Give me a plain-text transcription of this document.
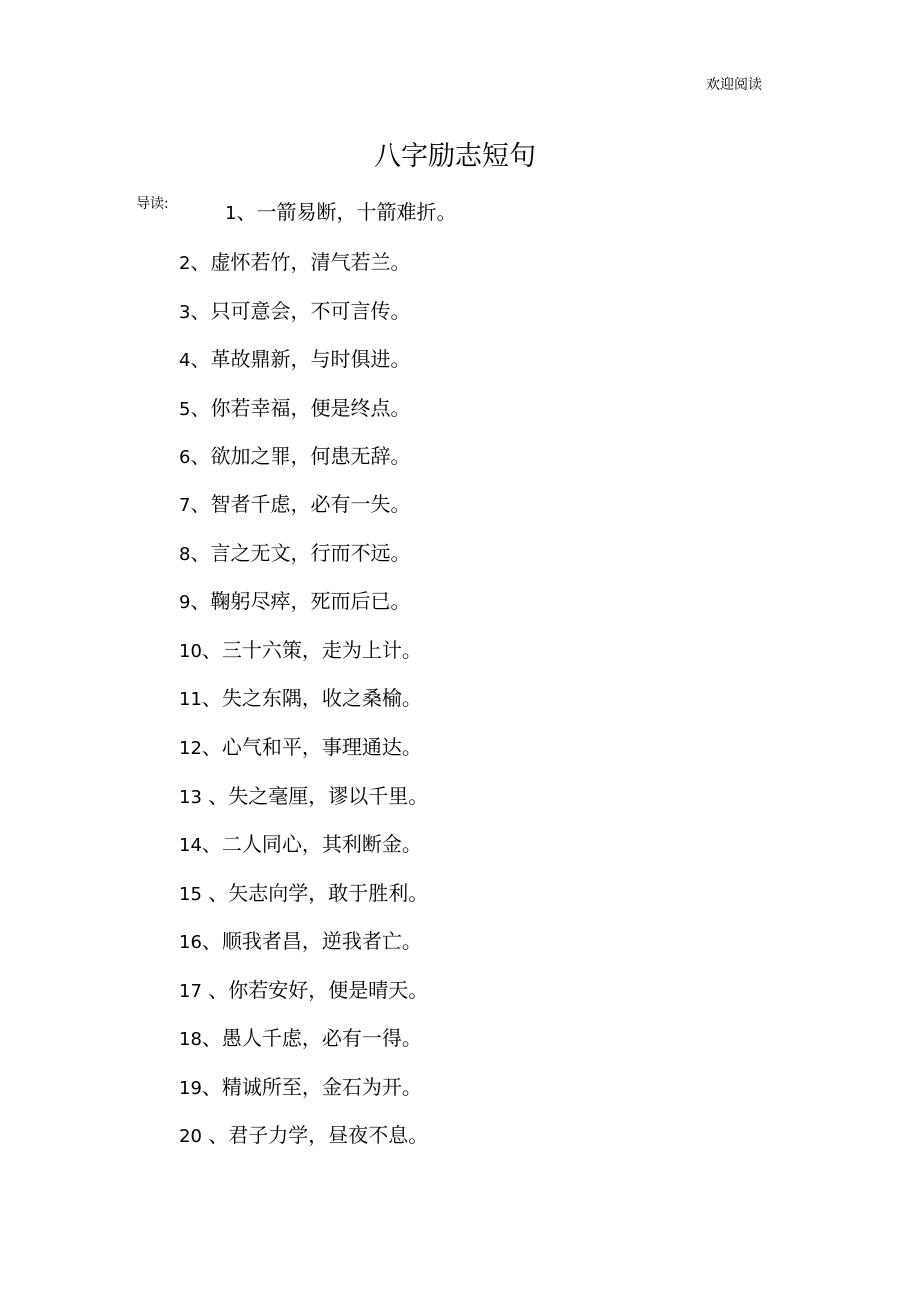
欢迎阅读
八字励志短句
导读:	1、一箭易断，十箭难折。
2、虚怀若竹，清气若兰。
3、只可意会，不可言传。
4、革故鼎新，与时俱进。
5、你若幸福，便是终点。
6、欲加之罪，何患无辞。
7、智者千虑，必有一失。
8、言之无文，行而不远。
9、鞠躬尽瘁，死而后已。
10、三十六策，走为上计。
11、失之东隅，收之桑榆。
12、心气和平，事理通达。
13 、失之毫厘，谬以千里。
14、二人同心，其利断金。
15 、矢志向学，敢于胜利。
16、顺我者昌，逆我者亡。
17 、你若安好，便是晴天。
18、愚人千虑，必有一得。
19、精诚所至，金石为开。
20 、君子力学，昼夜不息。
